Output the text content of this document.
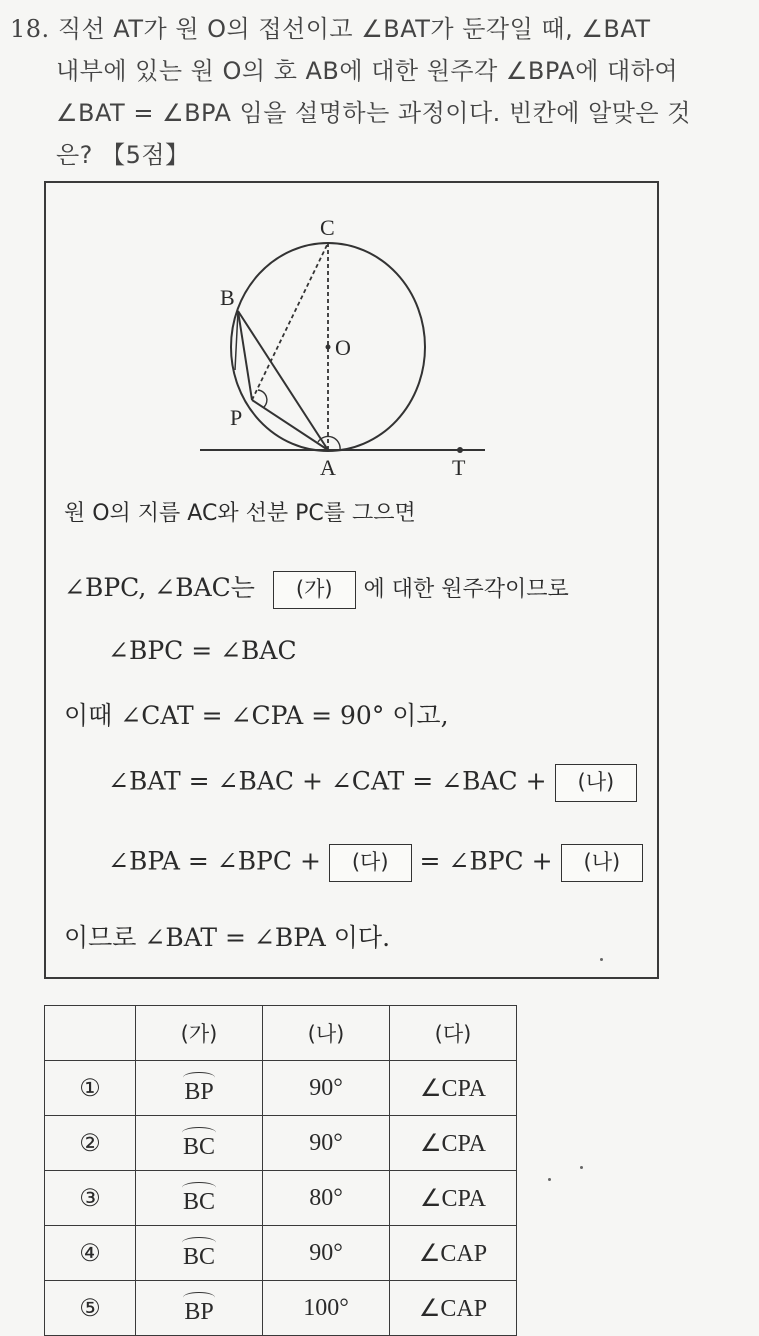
18. 직선 AT가 원 O의 접선이고 ∠BAT가 둔각일 때, ∠BAT
내부에 있는 원 O의 호 AB에 대한 원주각 ∠BPA에 대하여
∠BAT = ∠BPA 임을 설명하는 과정이다. 빈칸에 알맞은 것
은? 【5점】
C
O
B
P
A	T
원 O의 지름 AC와 선분 PC를 그으면
∠BPC, ∠BAC는 (가) 에 대한 원주각이므로
∠BPC = ∠BAC
이때 ∠CAT = ∠CPA = 90° 이고,
∠BAT = ∠BAC + ∠CAT = ∠BAC + (나)
∠BPA = ∠BPC + (다) = ∠BPC + (나)
이므로 ∠BAT = ∠BPA 이다.
	(가)	(나)	(다)
①	BP	90°	∠CPA
②	BC	90°	∠CPA
③	BC	80°	∠CPA
④	BC	90°	∠CAP
⑤	BP	100°	∠CAP
